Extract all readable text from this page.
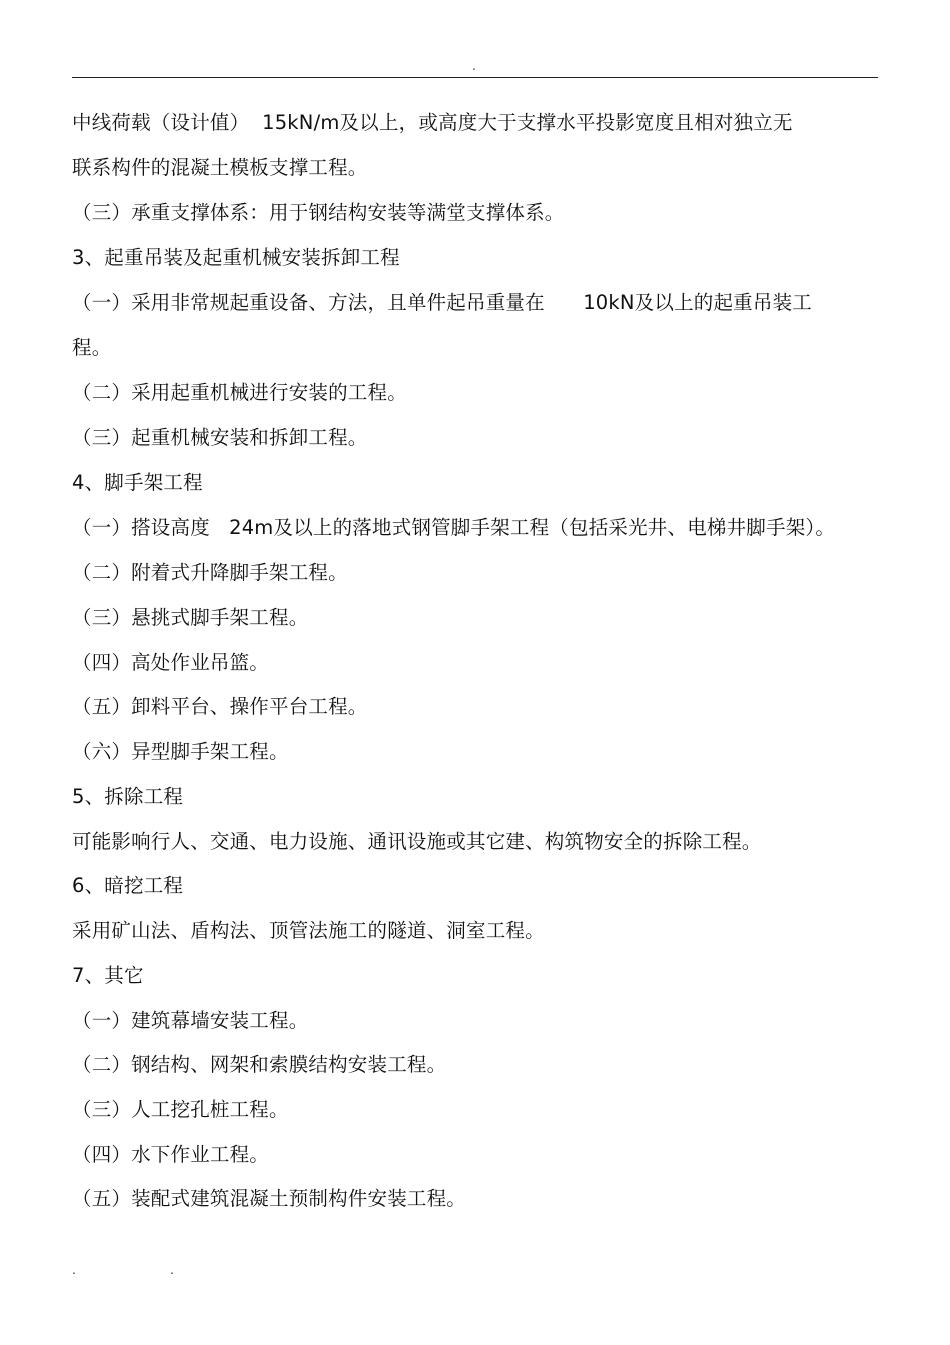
.
中线荷载（设计值）  15kN/m及以上，或高度大于支撑水平投影宽度且相对独立无
联系构件的混凝土模板支撑工程。
（三）承重支撑体系：用于钢结构安装等满堂支撑体系。
3、起重吊装及起重机械安装拆卸工程
（一）采用非常规起重设备、方法，且单件起吊重量在      10kN及以上的起重吊装工
程。
（二）采用起重机械进行安装的工程。
（三）起重机械安装和拆卸工程。
4、脚手架工程
（一）搭设高度   24m及以上的落地式钢管脚手架工程（包括采光井、电梯井脚手架）。
（二）附着式升降脚手架工程。
（三）悬挑式脚手架工程。
（四）高处作业吊篮。
（五）卸料平台、操作平台工程。
（六）异型脚手架工程。
5、拆除工程
可能影响行人、交通、电力设施、通讯设施或其它建、构筑物安全的拆除工程。
6、暗挖工程
采用矿山法、盾构法、顶管法施工的隧道、洞室工程。
7、其它
（一）建筑幕墙安装工程。
（二）钢结构、网架和索膜结构安装工程。
（三）人工挖孔桩工程。
（四）水下作业工程。
（五）装配式建筑混凝土预制构件安装工程。
.	.
